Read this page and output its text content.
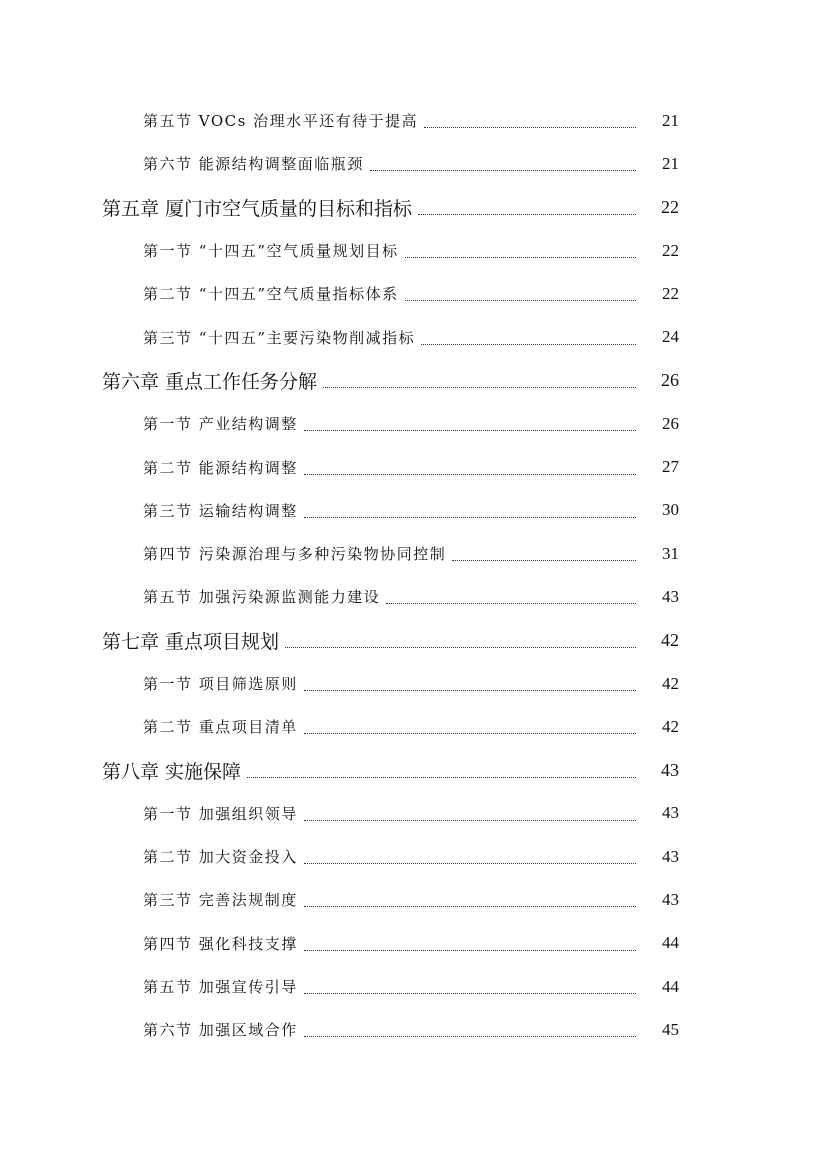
第五节 VOCs 治理水平还有待于提高	21
第六节 能源结构调整面临瓶颈	21
第五章 厦门市空气质量的目标和指标	22
第一节 “十四五”空气质量规划目标	22
第二节 “十四五”空气质量指标体系	22
第三节 “十四五”主要污染物削减指标	24
第六章 重点工作任务分解	26
第一节 产业结构调整	26
第二节 能源结构调整	27
第三节 运输结构调整	30
第四节 污染源治理与多种污染物协同控制	31
第五节 加强污染源监测能力建设	43
第七章 重点项目规划	42
第一节 项目筛选原则	42
第二节 重点项目清单	42
第八章 实施保障	43
第一节 加强组织领导	43
第二节 加大资金投入	43
第三节 完善法规制度	43
第四节 强化科技支撑	44
第五节 加强宣传引导	44
第六节 加强区域合作	45
